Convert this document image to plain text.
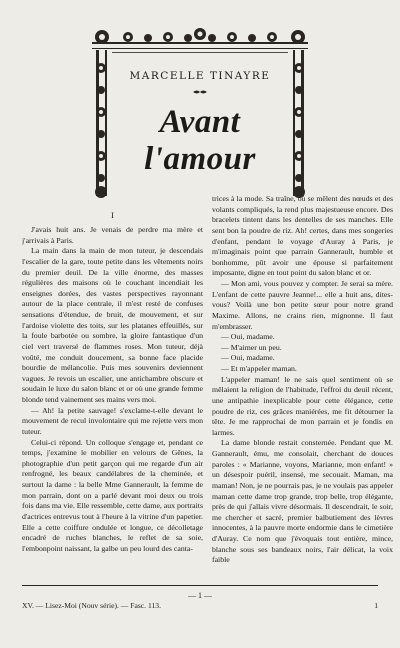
MARCELLE TINAYRE

Avant l'amour
I

J'avais huit ans. Je venais de perdre ma mère et j'arrivais à Paris.

La main dans la main de mon tuteur, je descendais l'escalier de la gare, toute petite dans les vêtements noirs du premier deuil. De la ville énorme, des masses régulières des maisons où le couchant incendiait les enseignes dorées, des vastes perspectives rayonnant autour de la place centrale, il m'est resté de confuses sensations d'étendue, de bruit, de mouvement, et sur l'ardoise violette des toits, sur les platanes effeuillés, sur la foule barbotée ou sombre, la gloire fantastique d'un ciel vert traversé de flammes roses. Mon tuteur, déjà voûté, me conduit doucement, sa bonne face placide bourdie de mélancolie. Puis mes souvenirs deviennent vagues. Je revois un escalier, une antichambre obscure et soudain le luxe du salon blanc et or où une grande femme blonde tend vainement ses mains vers moi.

— Ah! la petite sauvage! s'exclame-t-elle devant le mouvement de recul involontaire qui me rejette vers mon tuteur.

Celui-ci répond. Un colloque s'engage et, pendant ce temps, j'examine le mobilier en velours de Gênes, la photographie d'un petit garçon qui me regarde d'un air renfrogné, les beaux candélabres de la cheminée, et surtout la dame : la belle Mme Gannerault, la femme de mon parrain, dont on a parlé devant moi deux ou trois fois dans ma vie. Elle ressemble, cette dame, aux portraits d'actrices entrevus tout à l'heure à la vitrine d'un papetier. Elle a cette coiffure ondulée et longue, ce décolletage encadré de ruches blanches, le reflet de sa soie, l'embonpoint naissant, la galbe un peu lourd des canta-

trices à la mode. Sa traîne, où se mêlent des nœuds et des volants compliqués, la rend plus majestueuse encore. Des bracelets tintent dans les dentelles de ses manches. Elle sent bon la poudre de riz. Ah! certes, dans mes songeries d'enfant, pendant le voyage d'Auray à Paris, je m'imaginais point que parrain Gannerault, humble et bonhomme, pût avoir une épouse si parfaitement imposante, digne en tout point du salon blanc et or.

— Mon ami, vous pouvez y compter. Je serai sa mère. L'enfant de cette pauvre Jeanne!... elle a huit ans, dites-vous? Voilà une bon petite sœur pour notre grand Maxime. Allons, ne crains rien, mignonne. Il faut m'embrasser.

— Oui, madame.

— M'aimer un peu.

— Oui, madame.

— Et m'appeler maman.

L'appeler maman! le ne sais quel sentiment où se mêlaient la religion de l'habitude, l'effroi du deuil récent, une antipathie inexplicable pour cette élégance, cette poudre de riz, ces grâces maniérées, me fit détourner la tête. Je me rapprochai de mon parrain et je fondis en larmes.

La dame blonde restait consternée. Pendant que M. Gannerault, ému, me consolait, cherchant de douces paroles : « Marianne, voyons, Marianne, mon enfant! » un désespoir puéril, insensé, me secouait. Maman, ma maman! Non, je ne pourrais pas, je ne voulais pas appeler maman cette dame trop grande, trop belle, trop élégante, près de qui j'allais vivre désormais. Il descendrait, le soir, me chercher et sacré, premier balbutiement des lèvres innocentes, à la pauvre morte endormie dans le cimetière d'Auray. Ce nom que j'évoquais tout entière, mince, blanche sous ses bandeaux noirs, l'air délicat, la voix faible

— 1 —
XV. — Lisez-Moi (Nouv série). — Fasc. 113.	1
